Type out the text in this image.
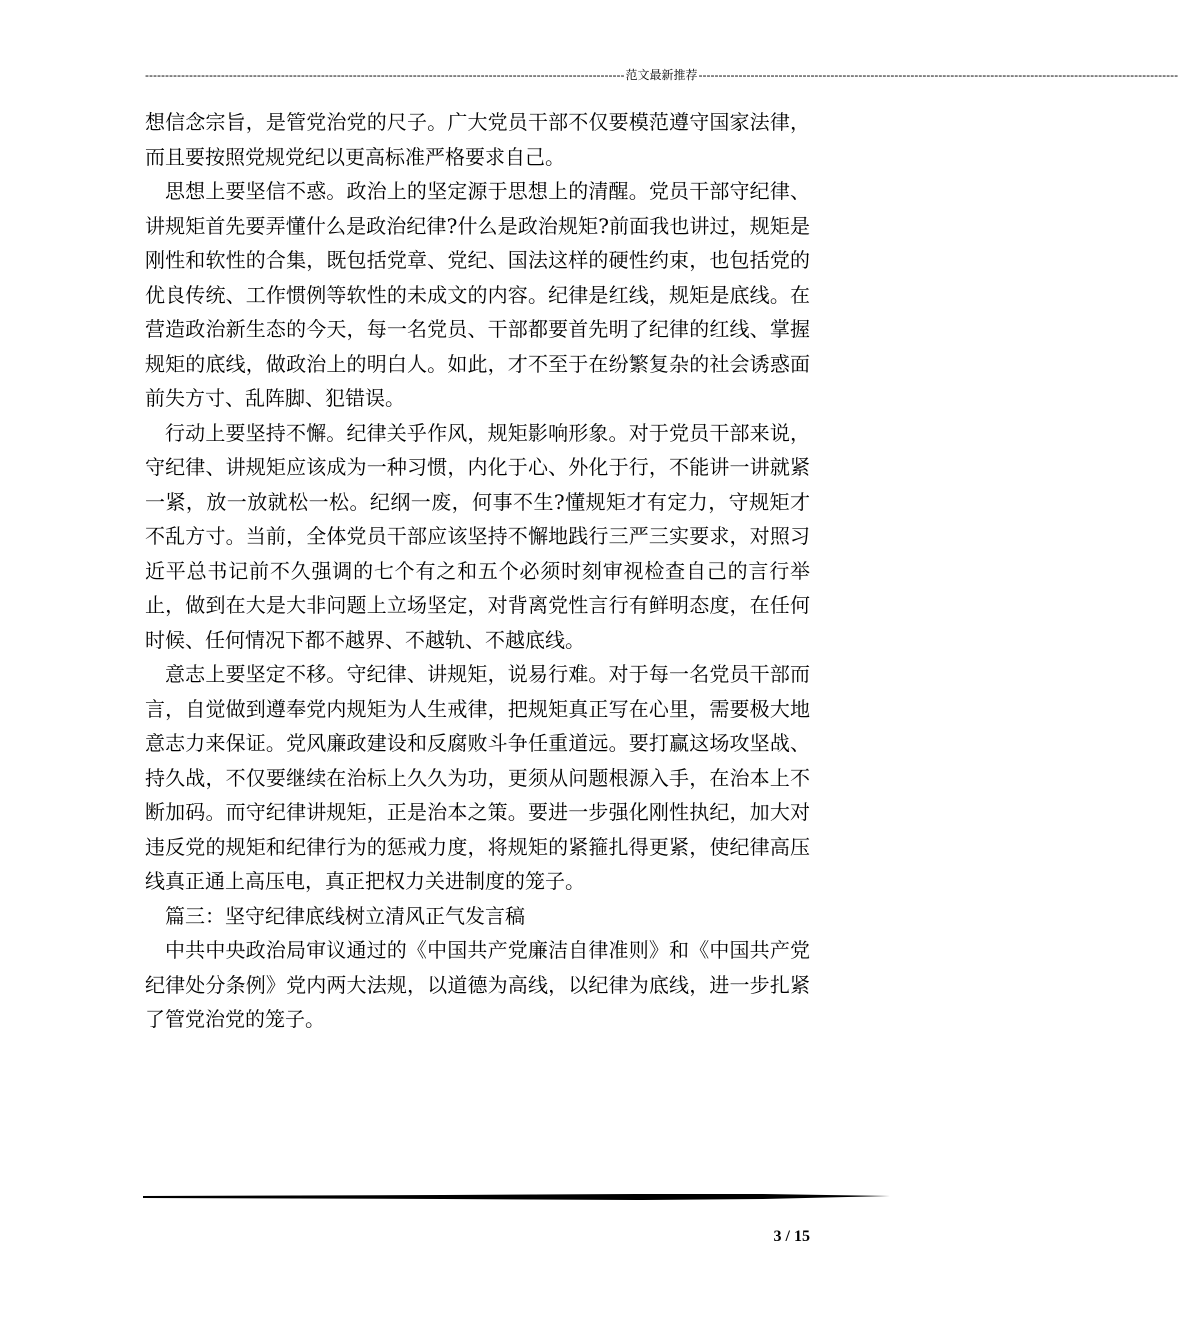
------------------------------------------------------------------------------------------------------------------------ 范文最新推荐 ------------------------------------------------------------------------------------------------------------------------

想信念宗旨，是管党治党的尺子。广大党员干部不仅要模范遵守国家法律，而且要按照党规党纪以更高标准严格要求自己。

思想上要坚信不惑。政治上的坚定源于思想上的清醒。党员干部守纪律、讲规矩首先要弄懂什么是政治纪律?什么是政治规矩?前面我也讲过，规矩是刚性和软性的合集，既包括党章、党纪、国法这样的硬性约束，也包括党的优良传统、工作惯例等软性的未成文的内容。纪律是红线，规矩是底线。在营造政治新生态的今天，每一名党员、干部都要首先明了纪律的红线、掌握规矩的底线，做政治上的明白人。如此，才不至于在纷繁复杂的社会诱惑面前失方寸、乱阵脚、犯错误。

行动上要坚持不懈。纪律关乎作风，规矩影响形象。对于党员干部来说，守纪律、讲规矩应该成为一种习惯，内化于心、外化于行，不能讲一讲就紧一紧，放一放就松一松。纪纲一废，何事不生?懂规矩才有定力，守规矩才不乱方寸。当前，全体党员干部应该坚持不懈地践行三严三实要求，对照习近平总书记前不久强调的七个有之和五个必须时刻审视检查自己的言行举止，做到在大是大非问题上立场坚定，对背离党性言行有鲜明态度，在任何时候、任何情况下都不越界、不越轨、不越底线。

意志上要坚定不移。守纪律、讲规矩，说易行难。对于每一名党员干部而言，自觉做到遵奉党内规矩为人生戒律，把规矩真正写在心里，需要极大地意志力来保证。党风廉政建设和反腐败斗争任重道远。要打赢这场攻坚战、持久战，不仅要继续在治标上久久为功，更须从问题根源入手，在治本上不断加码。而守纪律讲规矩，正是治本之策。要进一步强化刚性执纪，加大对违反党的规矩和纪律行为的惩戒力度，将规矩的紧箍扎得更紧，使纪律高压线真正通上高压电，真正把权力关进制度的笼子。

篇三：坚守纪律底线树立清风正气发言稿

中共中央政治局审议通过的《中国共产党廉洁自律准则》和《中国共产党纪律处分条例》党内两大法规，以道德为高线，以纪律为底线，进一步扎紧了管党治党的笼子。

3 / 15
